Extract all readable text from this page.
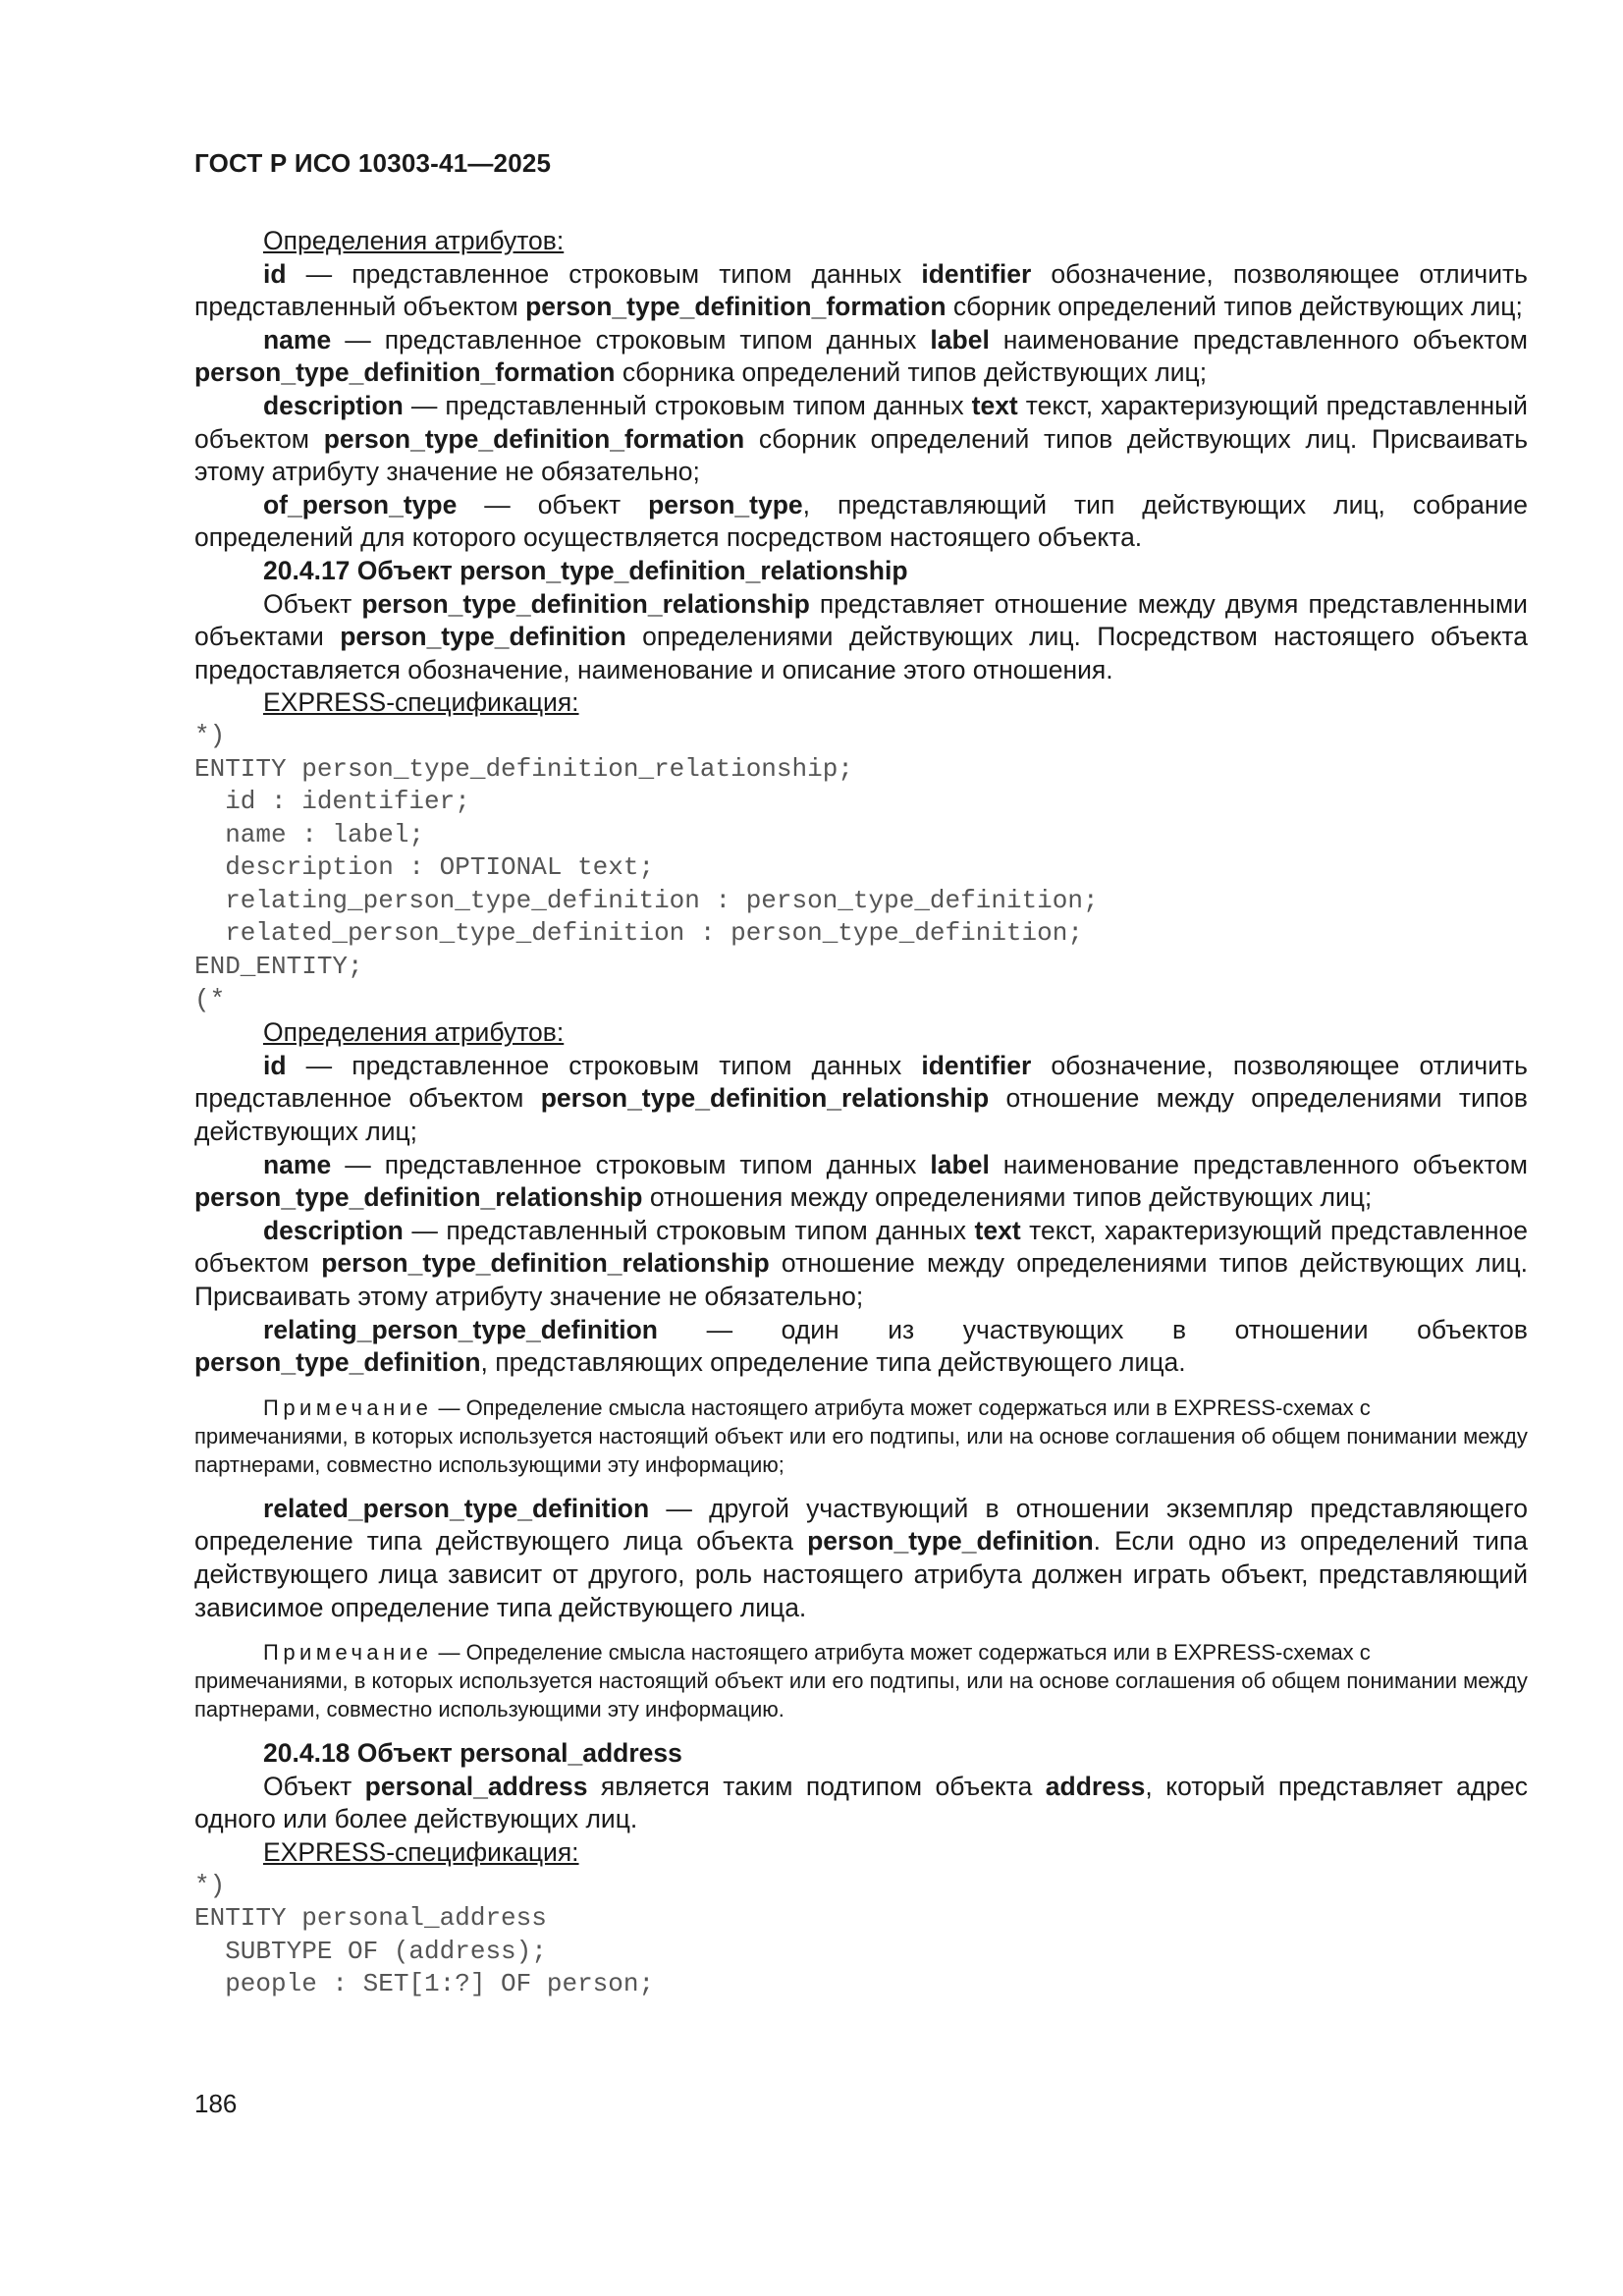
ГОСТ Р ИСО 10303-41—2025

Определения атрибутов:

id — представленное строковым типом данных identifier обозначение, позволяющее отличить представленный объектом person_type_definition_formation сборник определений типов действующих лиц;

name — представленное строковым типом данных label наименование представленного объектом person_type_definition_formation сборника определений типов действующих лиц;

description — представленный строковым типом данных text текст, характеризующий представленный объектом person_type_definition_formation сборник определений типов действующих лиц. Присваивать этому атрибуту значение не обязательно;

of_person_type — объект person_type, представляющий тип действующих лиц, собрание определений для которого осуществляется посредством настоящего объекта.

20.4.17 Объект person_type_definition_relationship

Объект person_type_definition_relationship представляет отношение между двумя представленными объектами person_type_definition определениями действующих лиц. Посредством настоящего объекта предоставляется обозначение, наименование и описание этого отношения.

EXPRESS-спецификация:

*)
ENTITY person_type_definition_relationship;
id : identifier;
name : label;
description : OPTIONAL text;
relating_person_type_definition : person_type_definition;
related_person_type_definition : person_type_definition;
END_ENTITY;
(*

Определения атрибутов:

id — представленное строковым типом данных identifier обозначение, позволяющее отличить представленное объектом person_type_definition_relationship отношение между определениями типов действующих лиц;

name — представленное строковым типом данных label наименование представленного объектом person_type_definition_relationship отношения между определениями типов действующих лиц;

description — представленный строковым типом данных text текст, характеризующий представленное объектом person_type_definition_relationship отношение между определениями типов действующих лиц. Присваивать этому атрибуту значение не обязательно;

relating_person_type_definition — один из участвующих в отношении объектов person_type_definition, представляющих определение типа действующего лица.

Примечание — Определение смысла настоящего атрибута может содержаться или в EXPRESS-схемах с примечаниями, в которых используется настоящий объект или его подтипы, или на основе соглашения об общем понимании между партнерами, совместно использующими эту информацию;

related_person_type_definition — другой участвующий в отношении экземпляр представляющего определение типа действующего лица объекта person_type_definition. Если одно из определений типа действующего лица зависит от другого, роль настоящего атрибута должен играть объект, представляющий зависимое определение типа действующего лица.

Примечание — Определение смысла настоящего атрибута может содержаться или в EXPRESS-схемах с примечаниями, в которых используется настоящий объект или его подтипы, или на основе соглашения об общем понимании между партнерами, совместно использующими эту информацию.

20.4.18 Объект personal_address

Объект personal_address является таким подтипом объекта address, который представляет адрес одного или более действующих лиц.

EXPRESS-спецификация:

*)
ENTITY personal_address
SUBTYPE OF (address);
people : SET[1:?] OF person;
186
